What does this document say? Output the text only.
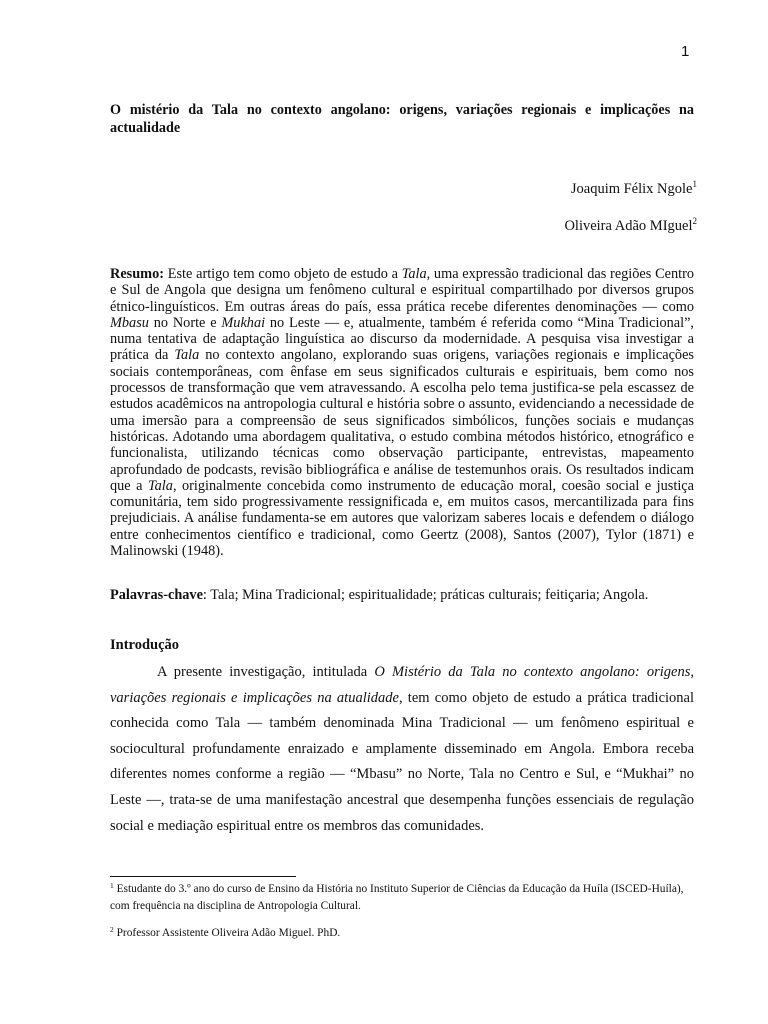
1
O mistério da Tala no contexto angolano: origens, variações regionais e implicações na actualidade
Joaquim Félix Ngole$^1$
Oliveira Adão MIguel$^2$

Resumo: Este artigo tem como objeto de estudo a Tala, uma expressão tradicional das regiões Centro e Sul de Angola que designa um fenômeno cultural e espiritual compartilhado por diversos grupos étnico-linguísticos. Em outras áreas do país, essa prática recebe diferentes denominações — como Mbasu no Norte e Mukhai no Leste — e, atualmente, também é referida como “Mina Tradicional”, numa tentativa de adaptação linguística ao discurso da modernidade. A pesquisa visa investigar a prática da Tala no contexto angolano, explorando suas origens, variações regionais e implicações sociais contemporâneas, com ênfase em seus significados culturais e espirituais, bem como nos processos de transformação que vem atravessando. A escolha pelo tema justifica-se pela escassez de estudos acadêmicos na antropologia cultural e história sobre o assunto, evidenciando a necessidade de uma imersão para a compreensão de seus significados simbólicos, funções sociais e mudanças históricas. Adotando uma abordagem qualitativa, o estudo combina métodos histórico, etnográfico e funcionalista, utilizando técnicas como observação participante, entrevistas, mapeamento aprofundado de podcasts, revisão bibliográfica e análise de testemunhos orais. Os resultados indicam que a Tala, originalmente concebida como instrumento de educação moral, coesão social e justiça comunitária, tem sido progressivamente ressignificada e, em muitos casos, mercantilizada para fins prejudiciais. A análise fundamenta-se em autores que valorizam saberes locais e defendem o diálogo entre conhecimentos científico e tradicional, como Geertz (2008), Santos (2007), Tylor (1871) e Malinowski (1948).

Palavras-chave: Tala; Mina Tradicional; espiritualidade; práticas culturais; feitiçaria; Angola.

Introdução

A presente investigação, intitulada O Mistério da Tala no contexto angolano: origens, variações regionais e implicações na atualidade, tem como objeto de estudo a prática tradicional conhecida como Tala — também denominada Mina Tradicional — um fenômeno espiritual e sociocultural profundamente enraizado e amplamente disseminado em Angola. Embora receba diferentes nomes conforme a região — “Mbasu” no Norte, Tala no Centro e Sul, e “Mukhai” no Leste —, trata-se de uma manifestação ancestral que desempenha funções essenciais de regulação social e mediação espiritual entre os membros das comunidades.

$^1$ Estudante do 3.º ano do curso de Ensino da História no Instituto Superior de Ciências da Educação da Huíla (ISCED-Huíla), com frequência na disciplina de Antropologia Cultural.

$^2$ Professor Assistente Oliveira Adão Miguel. PhD.
